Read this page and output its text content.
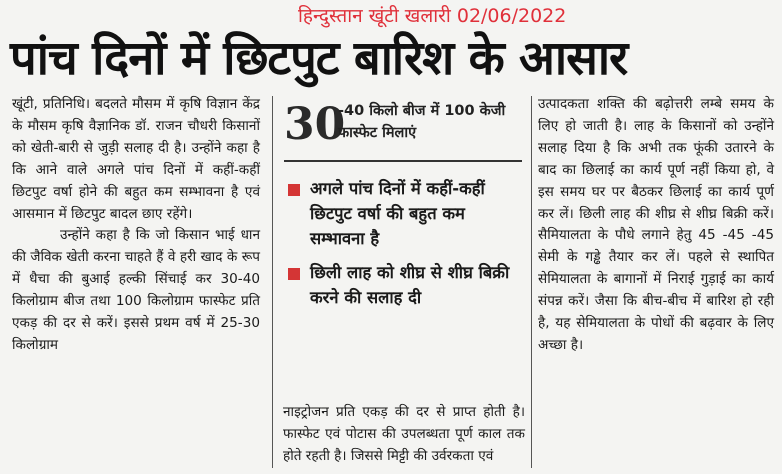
हिन्दुस्तान खूंटी खलारी 02/06/2022
पांच दिनों में छिटपुट बारिश के आसार

खूंटी, प्रतिनिधि। बदलते मौसम में कृषि विज्ञान केंद्र के मौसम कृषि वैज्ञानिक डॉ. राजन चौधरी किसानों को खेती-बारी से जुड़ी सलाह दी है। उन्होंने कहा है कि आने वाले अगले पांच दिनों में कहीं-कहीं छिटपुट वर्षा होने की बहुत कम सम्भावना है एवं आसमान में छिटपुट बादल छाए रहेंगे।

उन्होंने कहा है कि जो किसान भाई धान की जैविक खेती करना चाहते हैं वे हरी खाद के रूप में धैचा की बुआई हल्की सिंचाई कर 30-40 किलोग्राम बीज तथा 100 किलोग्राम फास्फेट प्रति एकड़ की दर से करें। इससे प्रथम वर्ष में 25-30 किलोग्राम

30
-40 किलो बीज में 100 केजी फास्फेट मिलाएं
अगले पांच दिनों में कहीं-कहीं छिटपुट वर्षा की बहुत कम सम्भावना है
छिली लाह को शीघ्र से शीघ्र बिक्री करने की सलाह दी
नाइट्रोजन प्रति एकड़ की दर से प्राप्त होती है। फास्फेट एवं पोटास की उपलब्धता पूर्ण काल तक होते रहती है। जिससे मिट्टी की उर्वरकता एवं
उत्पादकता शक्ति की बढ़ोत्तरी लम्बे समय के लिए हो जाती है। लाह के किसानों को उन्होंने सलाह दिया है कि अभी तक फूंकी उतारने के बाद का छिलाई का कार्य पूर्ण नहीं किया हो, वे इस समय घर पर बैठकर छिलाई का कार्य पूर्ण कर लें। छिली लाह की शीघ्र से शीघ्र बिक्री करें। सैमियालता के पौधे लगाने हेतु 45 -45 -45 सेमी के गड्ढे तैयार कर लें। पहले से स्थापित सेमियालता के बागानों में निराई गुड़ाई का कार्य संपन्न करें। जैसा कि बीच-बीच में बारिश हो रही है, यह सेमियालता के पोधों की बढ़वार के लिए अच्छा है।
